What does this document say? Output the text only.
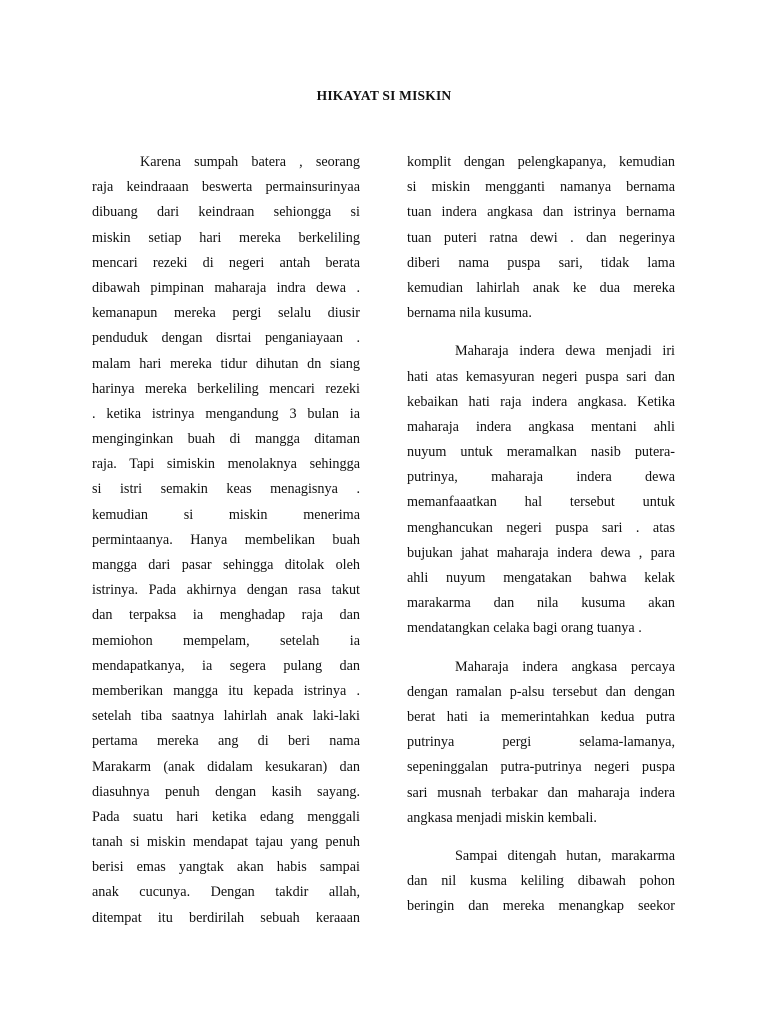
HIKAYAT SI MISKIN
Karena sumpah batera , seorang
raja keindraaan beswerta permainsurinyaa
dibuang dari keindraan sehiongga si
miskin setiap hari mereka berkeliling
mencari rezeki di negeri antah berata
dibawah pimpinan maharaja indra dewa .
kemanapun mereka pergi selalu diusir
penduduk dengan disrtai penganiayaan .
malam hari mereka tidur dihutan dn siang
harinya mereka berkeliling mencari rezeki
. ketika istrinya mengandung 3 bulan ia
menginginkan buah di mangga ditaman
raja. Tapi simiskin menolaknya sehingga
si istri semakin keas menagisnya .
kemudian si miskin menerima
permintaanya. Hanya membelikan buah
mangga dari pasar sehingga ditolak oleh
istrinya. Pada akhirnya dengan rasa takut
dan terpaksa ia menghadap raja dan
memiohon mempelam, setelah ia
mendapatkanya, ia segera pulang dan
memberikan mangga itu kepada istrinya .
setelah tiba saatnya lahirlah anak laki-laki
pertama mereka ang di beri nama
Marakarm (anak didalam kesukaran) dan
diasuhnya penuh dengan kasih sayang.
Pada suatu hari ketika edang menggali
tanah si miskin mendapat tajau yang penuh
berisi emas yangtak akan habis sampai
anak cucunya. Dengan takdir allah,
ditempat itu berdirilah sebuah keraaan
komplit dengan pelengkapanya, kemudian
si miskin mengganti namanya bernama
tuan indera angkasa dan istrinya bernama
tuan puteri ratna dewi . dan negerinya
diberi nama puspa sari, tidak lama
kemudian lahirlah anak ke dua mereka
bernama nila kusuma.
Maharaja indera dewa menjadi iri
hati atas kemasyuran negeri puspa sari dan
kebaikan hati raja indera angkasa. Ketika
maharaja indera angkasa mentani ahli
nuyum untuk meramalkan nasib putera-
putrinya, maharaja indera dewa
memanfaaatkan hal tersebut untuk
menghancukan negeri puspa sari . atas
bujukan jahat maharaja indera dewa , para
ahli nuyum mengatakan bahwa kelak
marakarma dan nila kusuma akan
mendatangkan celaka bagi orang tuanya .
Maharaja indera angkasa percaya
dengan ramalan p-alsu tersebut dan dengan
berat hati ia memerintahkan kedua putra
putrinya pergi selama-lamanya,
sepeninggalan putra-putrinya negeri puspa
sari musnah terbakar dan maharaja indera
angkasa menjadi miskin kembali.
Sampai ditengah hutan, marakarma
dan nil kusma keliling dibawah pohon
beringin dan mereka menangkap seekor
